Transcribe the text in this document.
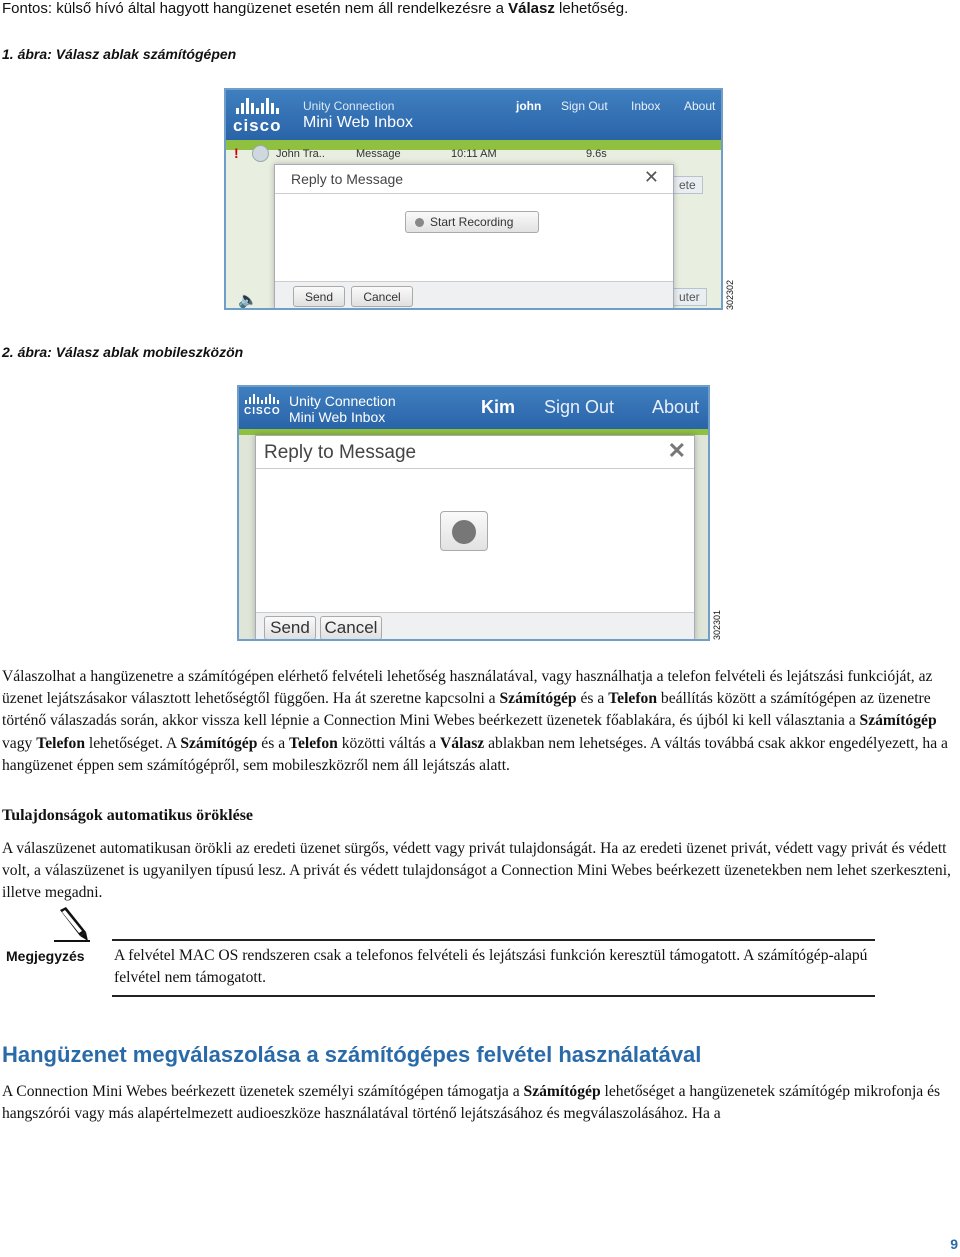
Fontos: külső hívó által hagyott hangüzenet esetén nem áll rendelkezésre a Válasz lehetőség.
1. ábra: Válasz ablak számítógépen
cisco
Unity Connection
Mini Web Inbox
john Sign Out Inbox About
!	John Tra..	Message	10:11 AM	9.6s
ete
uter
🔈
Reply to Message	✕
Start Recording
Send	Cancel	302302
2. ábra: Válasz ablak mobileszközön
CISCO
Unity Connection
Mini Web Inbox	Kim Sign Out About
Reply to Message	✕
Send Cancel	302301
Válaszolhat a hangüzenetre a számítógépen elérhető felvételi lehetőség használatával, vagy használhatja a telefon felvételi és lejátszási funkcióját, az üzenet lejátszásakor választott lehetőségtől függően. Ha át szeretne kapcsolni a Számítógép és a Telefon beállítás között a számítógépen az üzenetre történő válaszadás során, akkor vissza kell lépnie a Connection Mini Webes beérkezett üzenetek főablakára, és újból ki kell választania a Számítógép vagy Telefon lehetőséget. A Számítógép és a Telefon közötti váltás a Válasz ablakban nem lehetséges. A váltás továbbá csak akkor engedélyezett, ha a hangüzenet éppen sem számítógépről, sem mobileszközről nem áll lejátszás alatt.
Tulajdonságok automatikus öröklése
A válaszüzenet automatikusan örökli az eredeti üzenet sürgős, védett vagy privát tulajdonságát. Ha az eredeti üzenet privát, védett vagy privát és védett volt, a válaszüzenet is ugyanilyen típusú lesz. A privát és védett tulajdonságot a Connection Mini Webes beérkezett üzenetekben nem lehet szerkeszteni, illetve megadni.
Megjegyzés A felvétel MAC OS rendszeren csak a telefonos felvételi és lejátszási funkción keresztül támogatott. A számítógép-alapú felvétel nem támogatott.
Hangüzenet megválaszolása a számítógépes felvétel használatával
A Connection Mini Webes beérkezett üzenetek személyi számítógépen támogatja a Számítógép lehetőséget a hangüzenetek számítógép mikrofonja és hangszórói vagy más alapértelmezett audioeszköze használatával történő lejátszásához és megválaszolásához. Ha a
9
